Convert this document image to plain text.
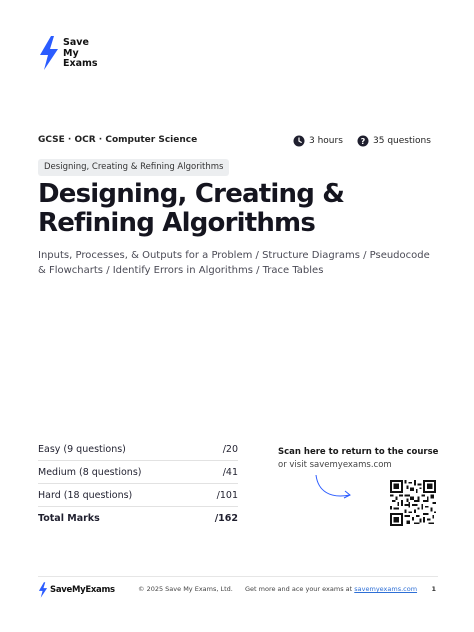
Save
My
Exams
GCSE · OCR · Computer Science	3 hours ? 35 questions
Designing, Creating & Refining Algorithms
Designing, Creating & Refining Algorithms
Inputs, Processes, & Outputs for a Problem / Structure Diagrams / Pseudocode & Flowcharts / Identify Errors in Algorithms / Trace Tables
Easy (9 questions)	/20
Medium (8 questions)	/41
Hard (18 questions)	/101
Total Marks	/162
Scan here to return to the course
or visit savemyexams.com
SaveMyExams	© 2025 Save My Exams, Ltd. Get more and ace your exams at savemyexams.com 1
